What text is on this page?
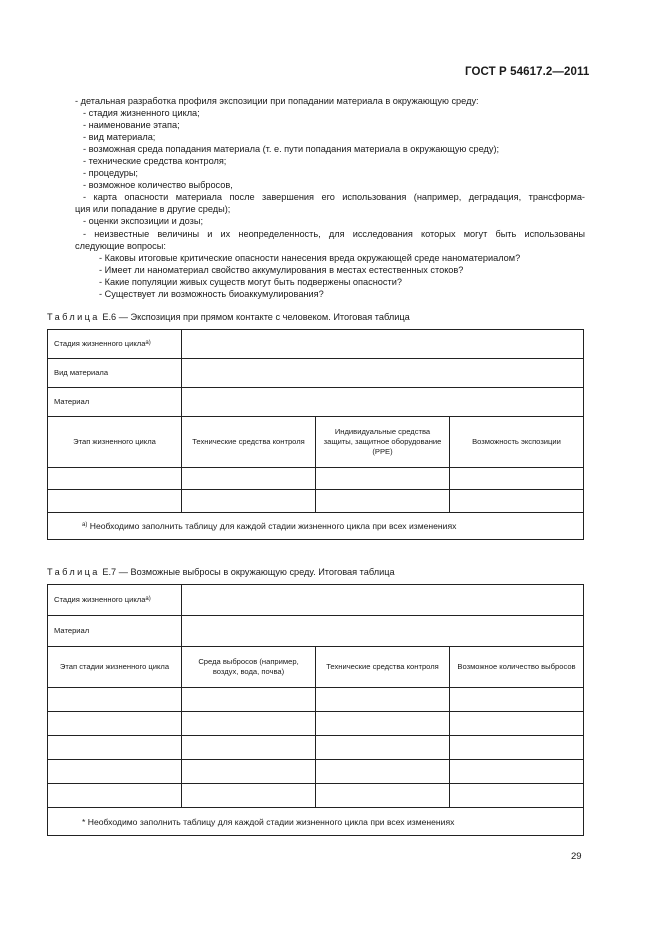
ГОСТ Р 54617.2—2011
- детальная разработка профиля экспозиции при попадании материала в окружающую среду:
- стадия жизненного цикла;
- наименование этапа;
- вид материала;
- возможная среда попадания материала (т. е. пути попадания материала в окружающую среду);
- технические средства контроля;
- процедуры;
- возможное количество выбросов,
- карта опасности материала после завершения его использования (например, деградация, трансформа-
ция или попадание в другие среды);
- оценки экспозиции и дозы;
- неизвестные величины и их неопределенность, для исследования которых могут быть использованы
следующие вопросы:
- Каковы итоговые критические опасности нанесения вреда окружающей среде наноматериалом?
- Имеет ли наноматериал свойство аккумулирования в местах естественных стоков?
- Какие популяции живых существ могут быть подвержены опасности?
- Существует ли возможность биоаккумулирования?
Таблица Е.6 — Экспозиция при прямом контакте с человеком. Итоговая таблица
Стадия жизненного цикла$^{а)}$	
Вид материала			
Материал			
Этап жизненного цикла	Технические средства контроля	Индивидуальные средства защиты, защитное оборудование (РРЕ)	Возможность экспозиции

$^{а)}$ Необходимо заполнить таблицу для каждой стадии жизненного цикла при всех изменениях			
Таблица Е.7 — Возможные выбросы в окружающую среду. Итоговая таблица
Стадия жизненного цикла$^{а)}$	
Материал			
Этап стадии жизненного цикла	Среда выбросов (например, воздух, вода, почва)	Технические средства контроля	Возможное количество выбросов

* Необходимо заполнить таблицу для каждой стадии жизненного цикла при всех изменениях			
29
